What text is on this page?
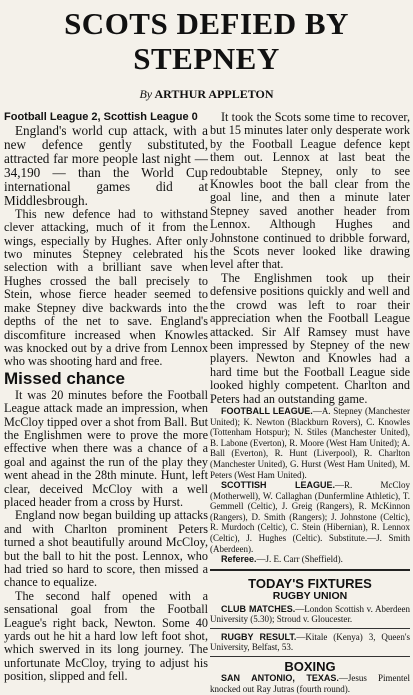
SCOTS DEFIED BY
STEPNEY

By ARTHUR APPLETON

Football League 2, Scottish League 0

England's world cup attack, with a new defence gently substituted, attracted far more people last night — 34,190 — than the World Cup international games did at Middlesbrough.

This new defence had to withstand clever attacking, much of it from the wings, especially by Hughes. After only two minutes Stepney celebrated his selection with a brilliant save when Hughes crossed the ball precisely to Stein, whose fierce header seemed to make Stepney dive backwards into the depths of the net to save. England's discomfiture increased when Knowles was knocked out by a drive from Lennox who was shooting hard and free.

Missed chance

It was 20 minutes before the Football League attack made an impression, when McCloy tipped over a shot from Ball. But the Englishmen were to prove the more effective when there was a chance of a goal and against the run of the play they went ahead in the 28th minute. Hunt, left clear, deceived McCloy with a well placed header from a cross by Hurst.

England now began building up attacks and with Charlton prominent Peters turned a shot beautifully around McCloy, but the ball to hit the post. Lennox, who had tried so hard to score, then missed a chance to equalize.

The second half opened with a sensational goal from the Football League's right back, Newton. Some 40 yards out he hit a hard low left foot shot, which swerved in its long journey. The unfortunate McCloy, trying to adjust his position, slipped and fell.

It took the Scots some time to recover, but 15 minutes later only desperate work by the Football League defence kept them out. Lennox at last beat the redoubtable Stepney, only to see Knowles boot the ball clear from the goal line, and then a minute later Stepney saved another header from Lennox. Although Hughes and Johnstone continued to dribble forward, the Scots never looked like drawing level after that.

The Englishmen took up their defensive positions quickly and well and the crowd was left to roar their appreciation when the Football League attacked. Sir Alf Ramsey must have been impressed by Stepney of the new players. Newton and Knowles had a hard time but the Football League side looked highly competent. Charlton and Peters had an outstanding game.

FOOTBALL LEAGUE.—A. Stepney (Manchester United); K. Newton (Blackburn Rovers), C. Knowles (Tottenham Hotspur); N. Stiles (Manchester United), B. Labone (Everton), R. Moore (West Ham United); A. Ball (Everton), R. Hunt (Liverpool), R. Charlton (Manchester United), G. Hurst (West Ham United), M. Peters (West Ham United).

SCOTTISH LEAGUE.—R. McCloy (Motherwell), W. Callaghan (Dunfermline Athletic), T. Gemmell (Celtic), J. Greig (Rangers), R. McKinnon (Rangers), D. Smith (Rangers); J. Johnstone (Celtic), R. Murdoch (Celtic), C. Stein (Hibernian), R. Lennox (Celtic), J. Hughes (Celtic). Substitute.—J. Smith (Aberdeen).

Referee.—J. E. Carr (Sheffield).

TODAY'S FIXTURES

RUGBY UNION

CLUB MATCHES.—London Scottish v. Aberdeen University (5.30); Stroud v. Gloucester.

RUGBY RESULT.—Kitale (Kenya) 3, Queen's University, Belfast, 53.

BOXING

SAN ANTONIO, TEXAS.—Jesus Pimentel knocked out Ray Jutras (fourth round).
